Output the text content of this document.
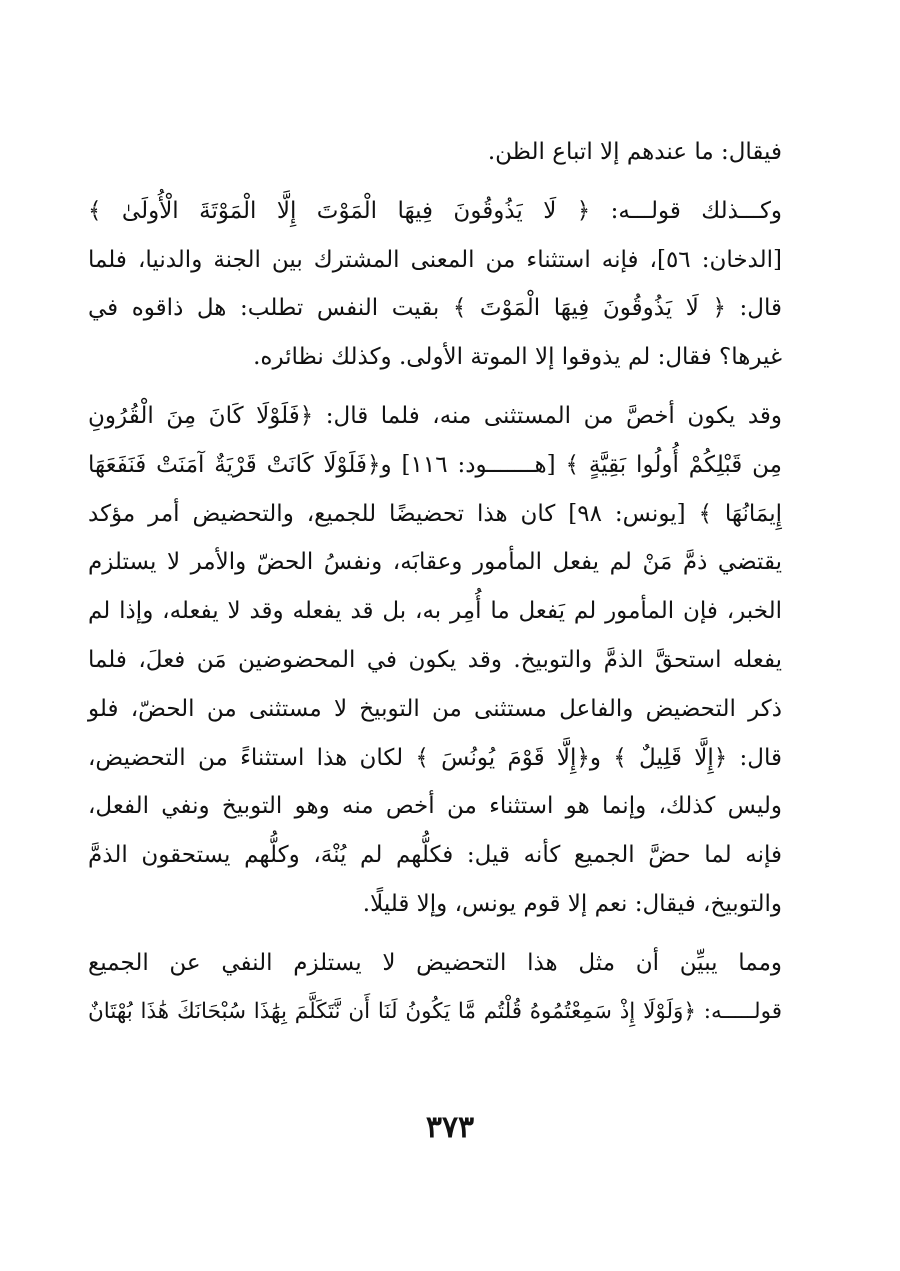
فيقال: ما عندهم إلا اتباع الظن.

وكـــذلك قولـــه: ﴿ لَا يَذُوقُونَ فِيهَا الْمَوْتَ إِلَّا الْمَوْتَةَ الْأُولَىٰ ﴾
[الدخان: ٥٦]، فإنه استثناء من المعنى المشترك بين الجنة والدنيا، فلما
قال: ﴿ لَا يَذُوقُونَ فِيهَا الْمَوْتَ ﴾ بقيت النفس تطلب: هل ذاقوه في
غيرها؟ فقال: لم يذوقوا إلا الموتة الأولى. وكذلك نظائره.

وقد يكون أخصَّ من المستثنى منه، فلما قال: ﴿فَلَوْلَا كَانَ مِنَ الْقُرُونِ
مِن قَبْلِكُمْ أُولُوا بَقِيَّةٍ ﴾ [هـــــــود: ١١٦] و﴿فَلَوْلَا كَانَتْ قَرْيَةٌ آمَنَتْ فَنَفَعَهَا
إِيمَانُهَا ﴾ [يونس: ٩٨] كان هذا تحضيضًا للجميع، والتحضيض أمر مؤكد
يقتضي ذمَّ مَنْ لم يفعل المأمور وعقابَه، ونفسُ الحضّ والأمر لا يستلزم
الخبر، فإن المأمور لم يَفعل ما أُمِر به، بل قد يفعله وقد لا يفعله، وإذا لم
يفعله استحقَّ الذمَّ والتوبيخ. وقد يكون في المحضوضين مَن فعلَ، فلما
ذكر التحضيض والفاعل مستثنى من التوبيخ لا مستثنى من الحضّ، فلو
قال: ﴿إِلَّا قَلِيلٌ ﴾ و﴿إِلَّا قَوْمَ يُونُسَ ﴾ لكان هذا استثناءً من التحضيض،
وليس كذلك، وإنما هو استثناء من أخص منه وهو التوبيخ ونفي الفعل،
فإنه لما حضَّ الجميع كأنه قيل: فكلُّهم لم يُنْهَ، وكلُّهم يستحقون الذمَّ
والتوبيخ، فيقال: نعم إلا قوم يونس، وإلا قليلًا.

ومما يبيِّن أن مثل هذا التحضيض لا يستلزم النفي عن الجميع
قولـــــه: ﴿وَلَوْلَا إِذْ سَمِعْتُمُوهُ قُلْتُم مَّا يَكُونُ لَنَا أَن نَّتَكَلَّمَ بِهَٰذَا سُبْحَانَكَ هَٰذَا بُهْتَانٌ

٣٧٣
